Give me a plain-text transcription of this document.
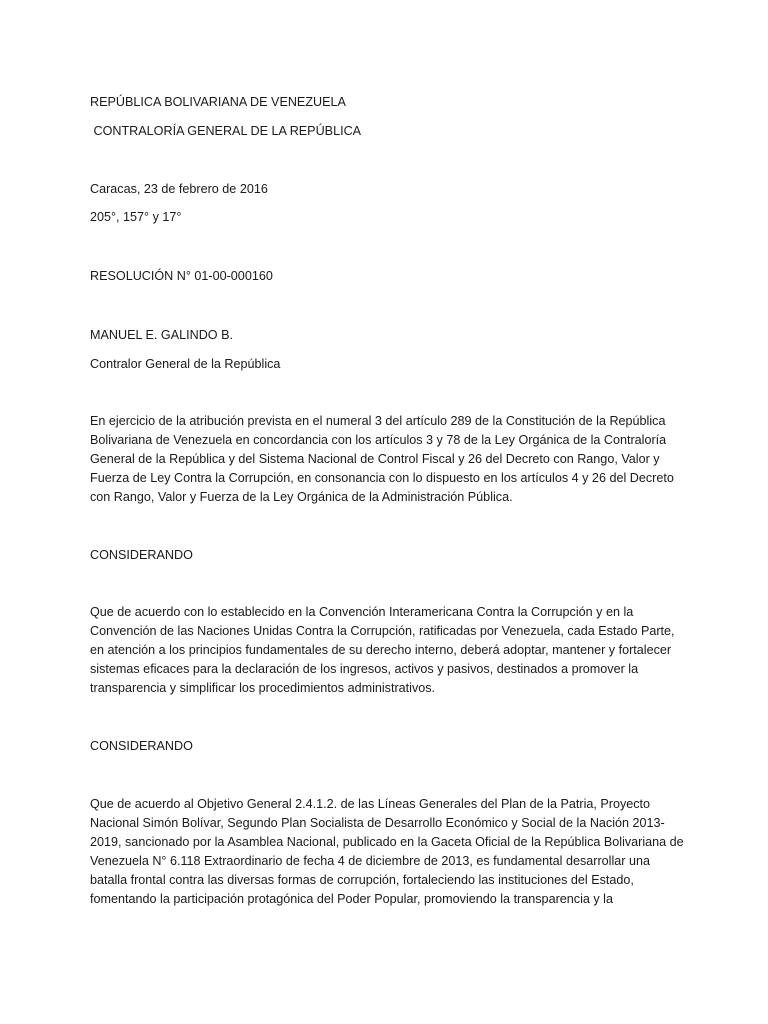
REPÚBLICA BOLIVARIANA DE VENEZUELA

CONTRALORÍA GENERAL DE LA REPÚBLICA

Caracas, 23 de febrero de 2016

205°, 157° y 17°

RESOLUCIÓN N° 01-00-000160

MANUEL E. GALINDO B.

Contralor General de la República

En ejercicio de la atribución prevista en el numeral 3 del artículo 289 de la Constitución de la República
Bolivariana de Venezuela en concordancia con los artículos 3 y 78 de la Ley Orgánica de la Contraloría
General de la República y del Sistema Nacional de Control Fiscal y 26 del Decreto con Rango, Valor y
Fuerza de Ley Contra la Corrupción, en consonancia con lo dispuesto en los artículos 4 y 26 del Decreto
con Rango, Valor y Fuerza de la Ley Orgánica de la Administración Pública.

CONSIDERANDO

Que de acuerdo con lo establecido en la Convención Interamericana Contra la Corrupción y en la
Convención de las Naciones Unidas Contra la Corrupción, ratificadas por Venezuela, cada Estado Parte,
en atención a los principios fundamentales de su derecho interno, deberá adoptar, mantener y fortalecer
sistemas eficaces para la declaración de los ingresos, activos y pasivos, destinados a promover la
transparencia y simplificar los procedimientos administrativos.

CONSIDERANDO

Que de acuerdo al Objetivo General 2.4.1.2. de las Líneas Generales del Plan de la Patria, Proyecto
Nacional Simón Bolívar, Segundo Plan Socialista de Desarrollo Económico y Social de la Nación 2013-
2019, sancionado por la Asamblea Nacional, publicado en la Gaceta Oficial de la República Bolivariana de
Venezuela N° 6.118 Extraordinario de fecha 4 de diciembre de 2013, es fundamental desarrollar una
batalla frontal contra las diversas formas de corrupción, fortaleciendo las instituciones del Estado,
fomentando la participación protagónica del Poder Popular, promoviendo la transparencia y la
